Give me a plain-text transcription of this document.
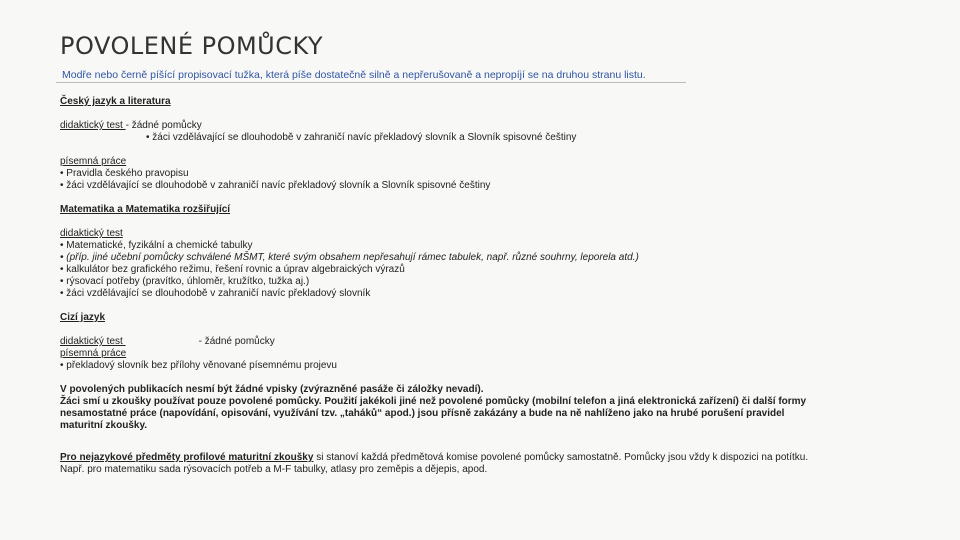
POVOLENÉ POMŮCKY
Modře nebo černě píšící propisovací tužka, která píše dostatečně silně a nepřerušovaně a nepropíjí se na druhou stranu listu.

Český jazyk a literatura

didaktický test - žádné pomůcky

• žáci vzdělávající se dlouhodobě v zahraničí navíc překladový slovník a Slovník spisovné češtiny

písemná práce

• Pravidla českého pravopisu

• žáci vzdělávající se dlouhodobě v zahraničí navíc překladový slovník a Slovník spisovné češtiny

Matematika a Matematika rozšiřující

didaktický test

• Matematické, fyzikální a chemické tabulky

• (příp. jiné učební pomůcky schválené MŠMT, které svým obsahem nepřesahují rámec tabulek, např. různé souhrny, leporela atd.)

• kalkulátor bez grafického režimu, řešení rovnic a úprav algebraických výrazů

• rýsovací potřeby (pravítko, úhloměr, kružítko, tužka aj.)

• žáci vzdělávající se dlouhodobě v zahraničí navíc překladový slovník

Cizí jazyk

didaktický test	- žádné pomůcky

písemná práce

• překladový slovník bez přílohy věnované písemnému projevu

V povolených publikacích nesmí být žádné vpisky (zvýrazněné pasáže či záložky nevadí).

Žáci smí u zkoušky používat pouze povolené pomůcky. Použití jakékoli jiné než povolené pomůcky (mobilní telefon a jiná elektronická zařízení) či další formy nesamostatné práce (napovídání, opisování, využívání tzv. „taháků“ apod.) jsou přísně zakázány a bude na ně nahlíženo jako na hrubé porušení pravidel maturitní zkoušky.

Pro nejazykové předměty profilové maturitní zkoušky si stanoví každá předmětová komise povolené pomůcky samostatně. Pomůcky jsou vždy k dispozici na potítku. Např. pro matematiku sada rýsovacích potřeb a M-F tabulky, atlasy pro zeměpis a dějepis, apod.
